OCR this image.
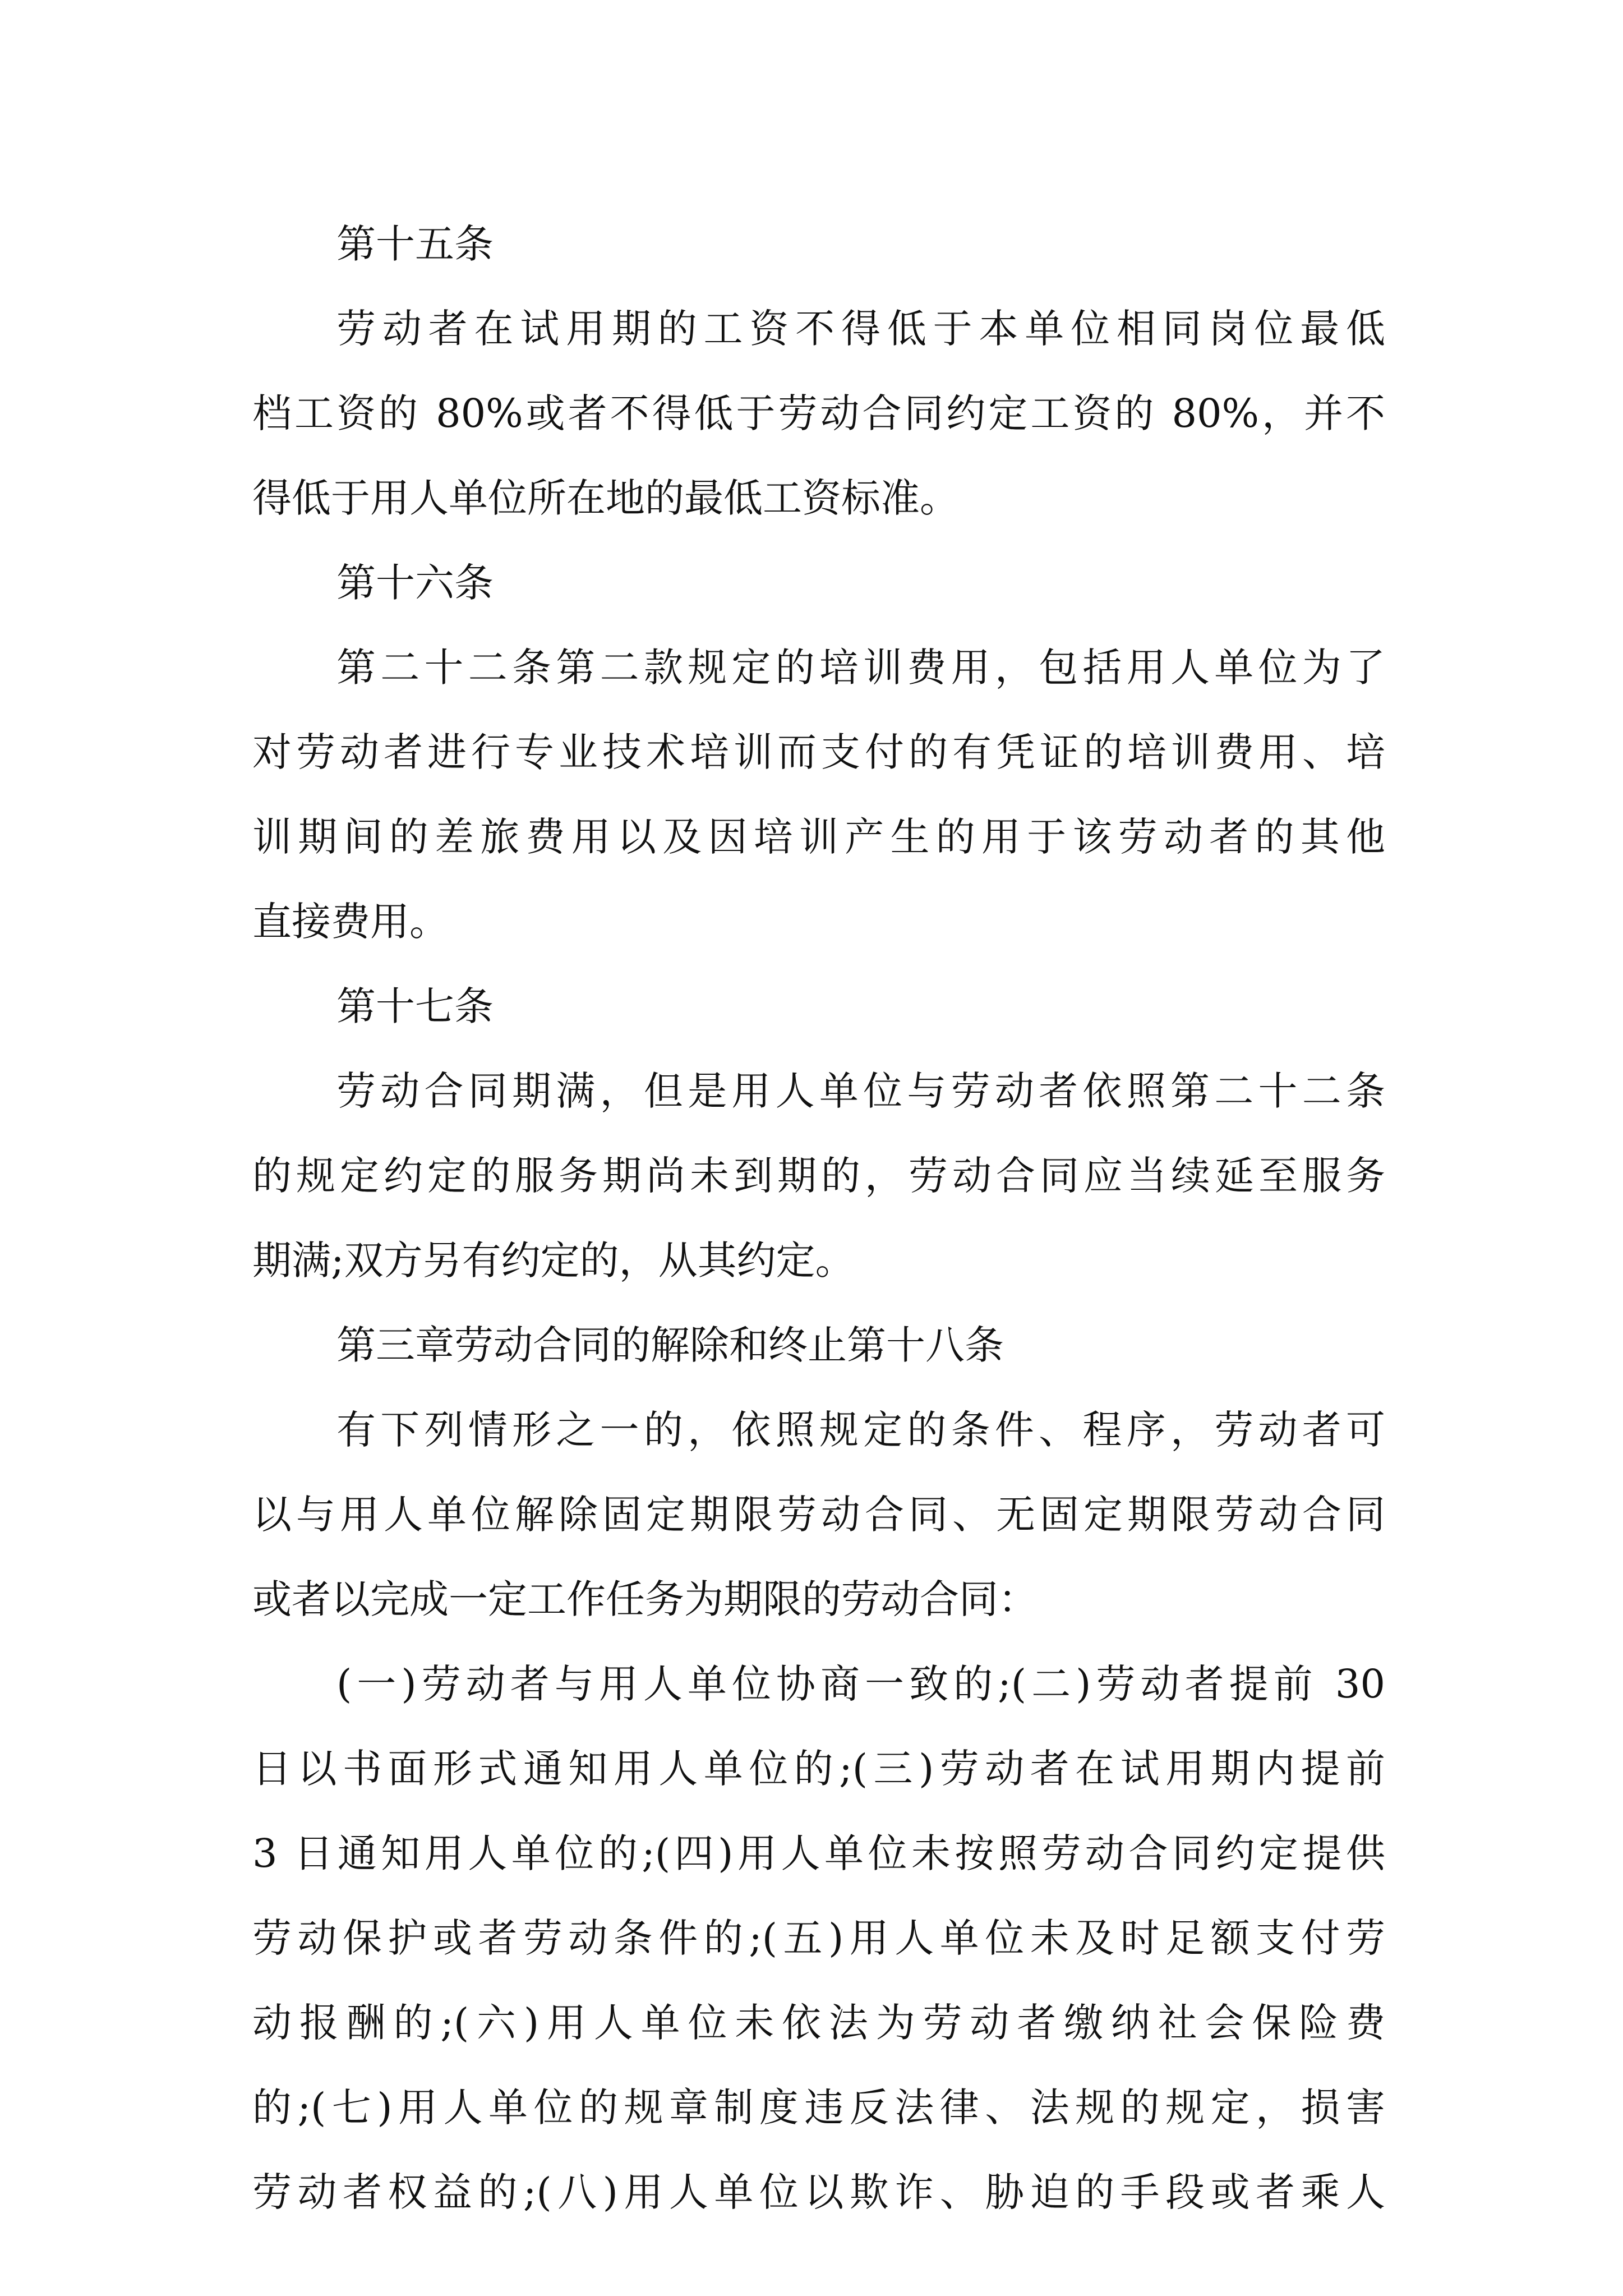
第十五条
劳动者在试用期的工资不得低于本单位相同岗位最低
档工资的 80%或者不得低于劳动合同约定工资的 80%，并不
得低于用人单位所在地的最低工资标准。
第十六条
第二十二条第二款规定的培训费用，包括用人单位为了
对劳动者进行专业技术培训而支付的有凭证的培训费用、培
训期间的差旅费用以及因培训产生的用于该劳动者的其他
直接费用。
第十七条
劳动合同期满，但是用人单位与劳动者依照第二十二条
的规定约定的服务期尚未到期的，劳动合同应当续延至服务
期满;双方另有约定的，从其约定。
第三章劳动合同的解除和终止第十八条
有下列情形之一的，依照规定的条件、程序，劳动者可
以与用人单位解除固定期限劳动合同、无固定期限劳动合同
或者以完成一定工作任务为期限的劳动合同：
(一)劳动者与用人单位协商一致的;(二)劳动者提前 30
日以书面形式通知用人单位的;(三)劳动者在试用期内提前
3 日通知用人单位的;(四)用人单位未按照劳动合同约定提供
劳动保护或者劳动条件的;(五)用人单位未及时足额支付劳
动报酬的;(六)用人单位未依法为劳动者缴纳社会保险费
的;(七)用人单位的规章制度违反法律、法规的规定，损害
劳动者权益的;(八)用人单位以欺诈、胁迫的手段或者乘人
